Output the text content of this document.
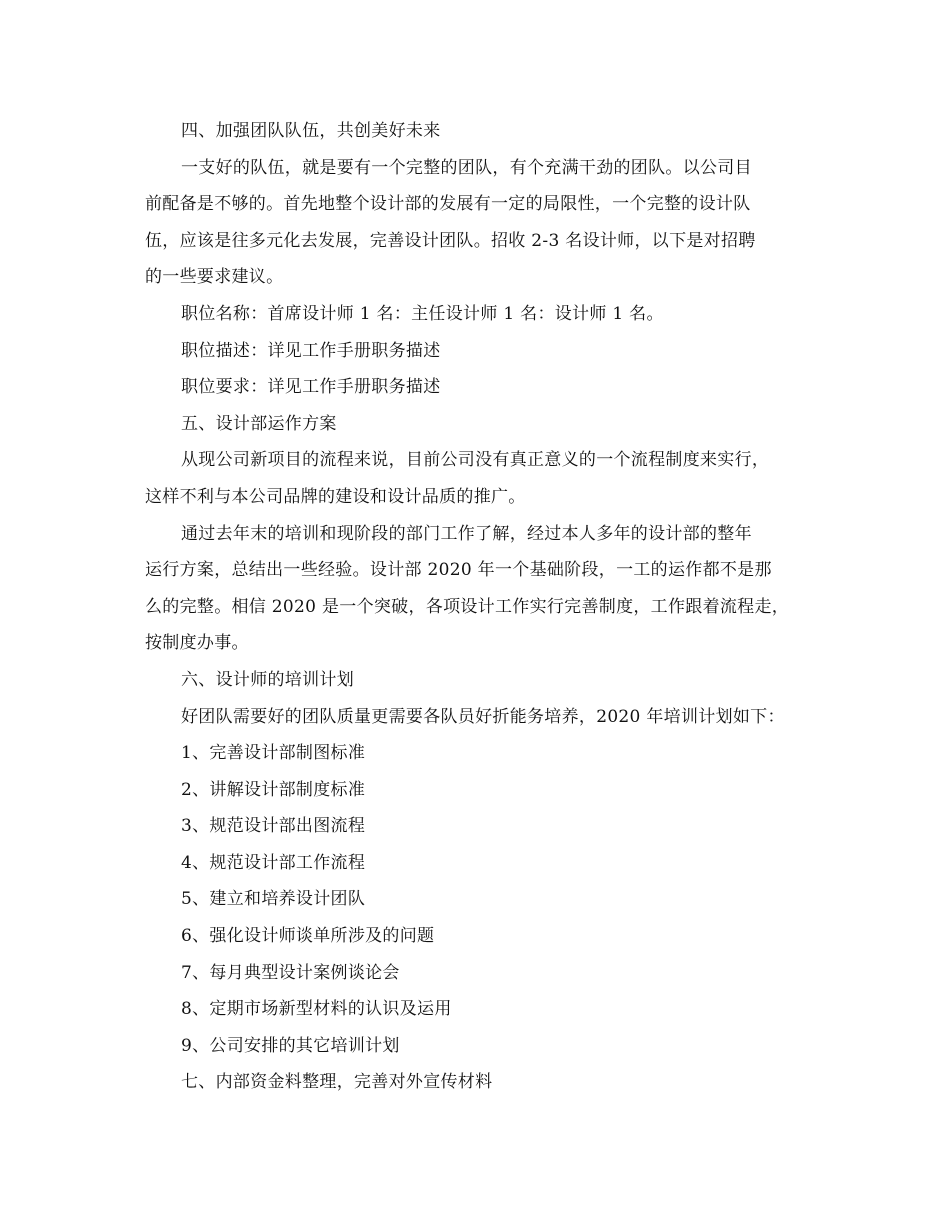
四、加强团队队伍，共创美好未来
一支好的队伍，就是要有一个完整的团队，有个充满干劲的团队。以公司目
前配备是不够的。首先地整个设计部的发展有一定的局限性，一个完整的设计队
伍，应该是往多元化去发展，完善设计团队。招收 2-3 名设计师，以下是对招聘
的一些要求建议。
职位名称：首席设计师 1 名：主任设计师 1 名：设计师 1 名。
职位描述：详见工作手册职务描述
职位要求：详见工作手册职务描述
五、设计部运作方案
从现公司新项目的流程来说，目前公司没有真正意义的一个流程制度来实行，
这样不利与本公司品牌的建设和设计品质的推广。
通过去年末的培训和现阶段的部门工作了解，经过本人多年的设计部的整年
运行方案，总结出一些经验。设计部 2020 年一个基础阶段，一工的运作都不是那
么的完整。相信 2020 是一个突破，各项设计工作实行完善制度，工作跟着流程走，
按制度办事。
六、设计师的培训计划
好团队需要好的团队质量更需要各队员好折能务培养，2020 年培训计划如下：
1、完善设计部制图标准
2、讲解设计部制度标准
3、规范设计部出图流程
4、规范设计部工作流程
5、建立和培养设计团队
6、强化设计师谈单所涉及的问题
7、每月典型设计案例谈论会
8、定期市场新型材料的认识及运用
9、公司安排的其它培训计划
七、内部资金料整理，完善对外宣传材料
